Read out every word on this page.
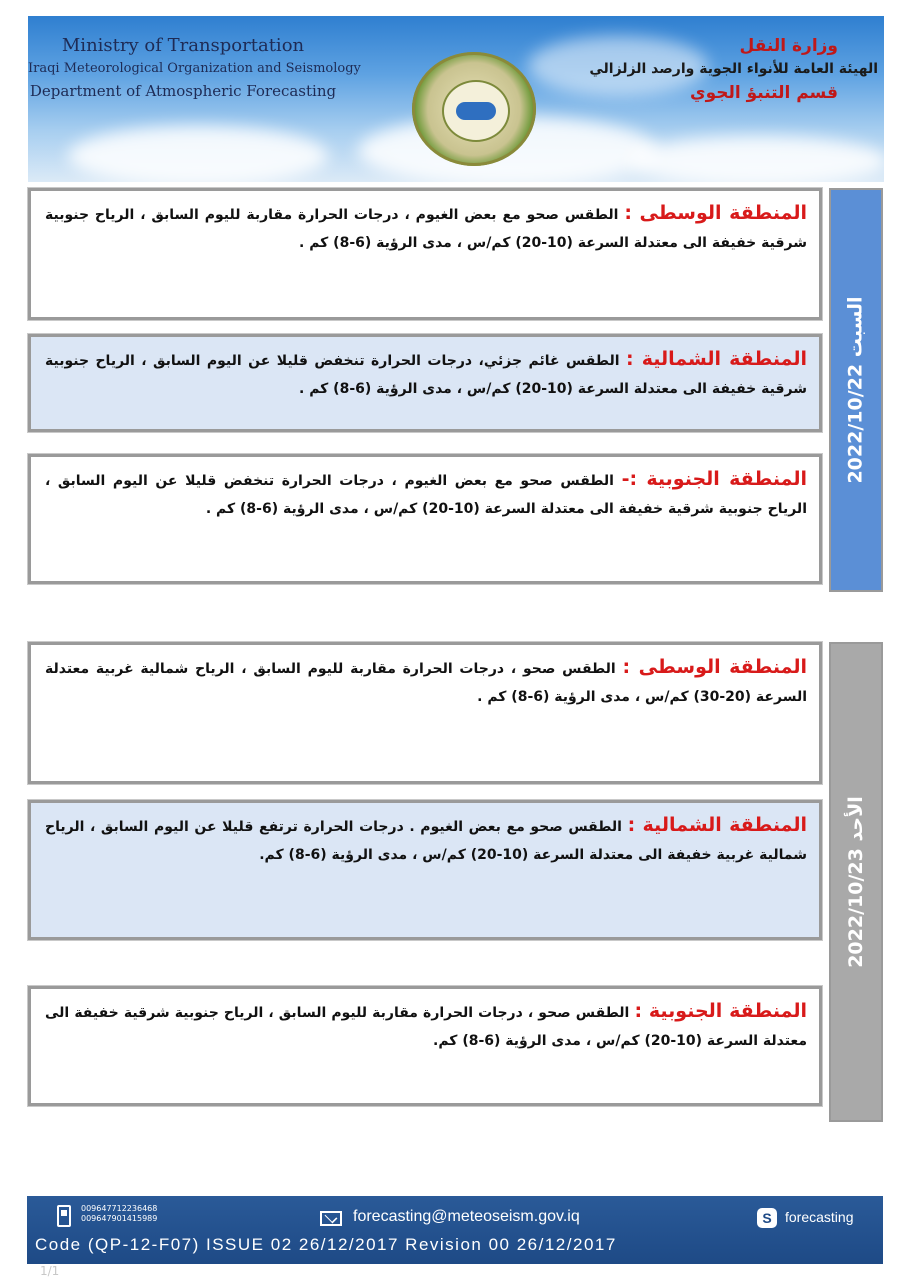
Ministry of Transportation
Iraqi Meteorological Organization and Seismology
Department of Atmospheric Forecasting
وزارة النقل
الهيئة العامة للأنواء الجوية وارصد الزلزالي
قسم التنبؤ الجوي
السبت 2022/10/22
المنطقة الوسطى : الطقس صحو مع بعض الغيوم ، درجات الحرارة مقاربة لليوم السابق ، الرياح جنوبية شرقية خفيفة الى معتدلة السرعة (10-20) كم/س ، مدى الرؤية (6-8) كم .
المنطقة الشمالية : الطقس غائم جزئي، درجات الحرارة تنخفض قليلا عن اليوم السابق ، الرياح جنوبية شرقية خفيفة الى معتدلة السرعة (10-20) كم/س ، مدى الرؤية (6-8) كم .
المنطقة الجنوبية :- الطقس صحو مع بعض الغيوم ، درجات الحرارة تنخفض قليلا عن اليوم السابق ، الرياح جنوبية شرقية خفيفة الى معتدلة السرعة (10-20) كم/س ، مدى الرؤية (6-8) كم .
الأحد 2022/10/23
المنطقة الوسطى : الطقس صحو ، درجات الحرارة مقاربة لليوم السابق ، الرياح شمالية غربية معتدلة السرعة (20-30) كم/س ، مدى الرؤية (6-8) كم .
المنطقة الشمالية : الطقس صحو مع بعض الغيوم . درجات الحرارة ترتفع قليلا عن اليوم السابق ، الرياح شمالية غربية خفيفة الى معتدلة السرعة (10-20) كم/س ، مدى الرؤية (6-8) كم.
المنطقة الجنوبية : الطقس صحو ، درجات الحرارة مقاربة لليوم السابق ، الرياح جنوبية شرقية خفيفة الى معتدلة السرعة (10-20) كم/س ، مدى الرؤية (6-8) كم.
009647712236468
009647901415989	forecasting@meteoseism.gov.iq	S forecasting
Code (QP-12-F07) ISSUE 02 26/12/2017 Revision 00 26/12/2017
1/1
